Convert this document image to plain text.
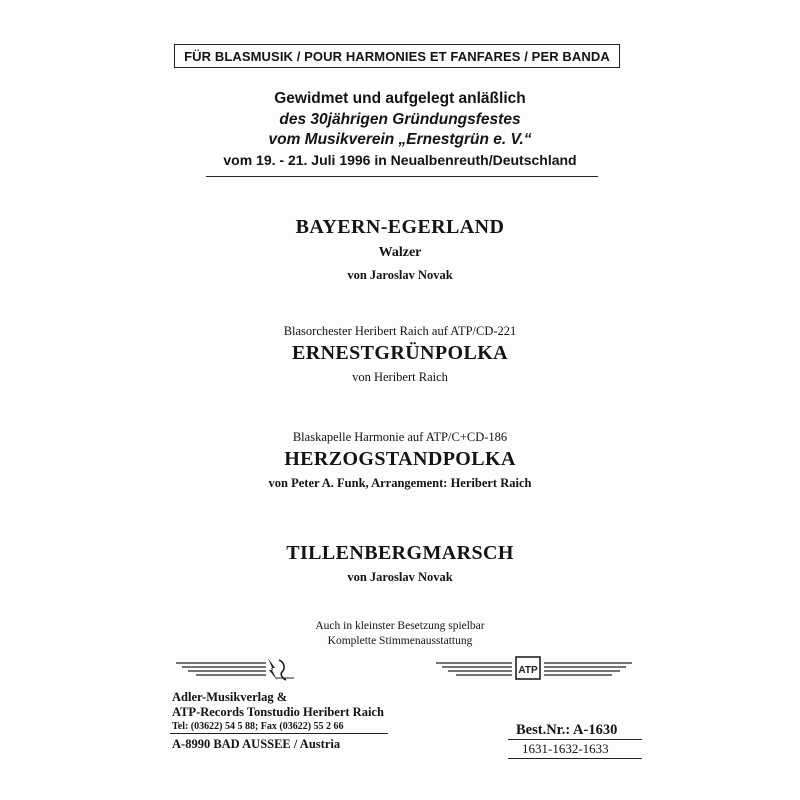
FÜR BLASMUSIK / POUR HARMONIES ET FANFARES / PER BANDA
Gewidmet und aufgelegt anläßlich
des 30jährigen Gründungsfestes
vom Musikverein „Ernestgrün e. V.“
vom 19. - 21. Juli 1996 in Neualbenreuth/Deutschland
BAYERN-EGERLAND
Walzer
von Jaroslav Novak
Blasorchester Heribert Raich auf ATP/CD-221
ERNESTGRÜNPOLKA
von Heribert Raich
Blaskapelle Harmonie auf ATP/C+CD-186
HERZOGSTANDPOLKA
von Peter A. Funk, Arrangement: Heribert Raich
TILLENBERGMARSCH
von Jaroslav Novak
Auch in kleinster Besetzung spielbar
Komplette Stimmenausstattung
ATP
Adler-Musikverlag &
ATP-Records Tonstudio Heribert Raich
Tel: (03622) 54 5 88; Fax (03622) 55 2 66
A-8990 BAD AUSSEE / Austria
Best.Nr.: A-1630
1631-1632-1633
